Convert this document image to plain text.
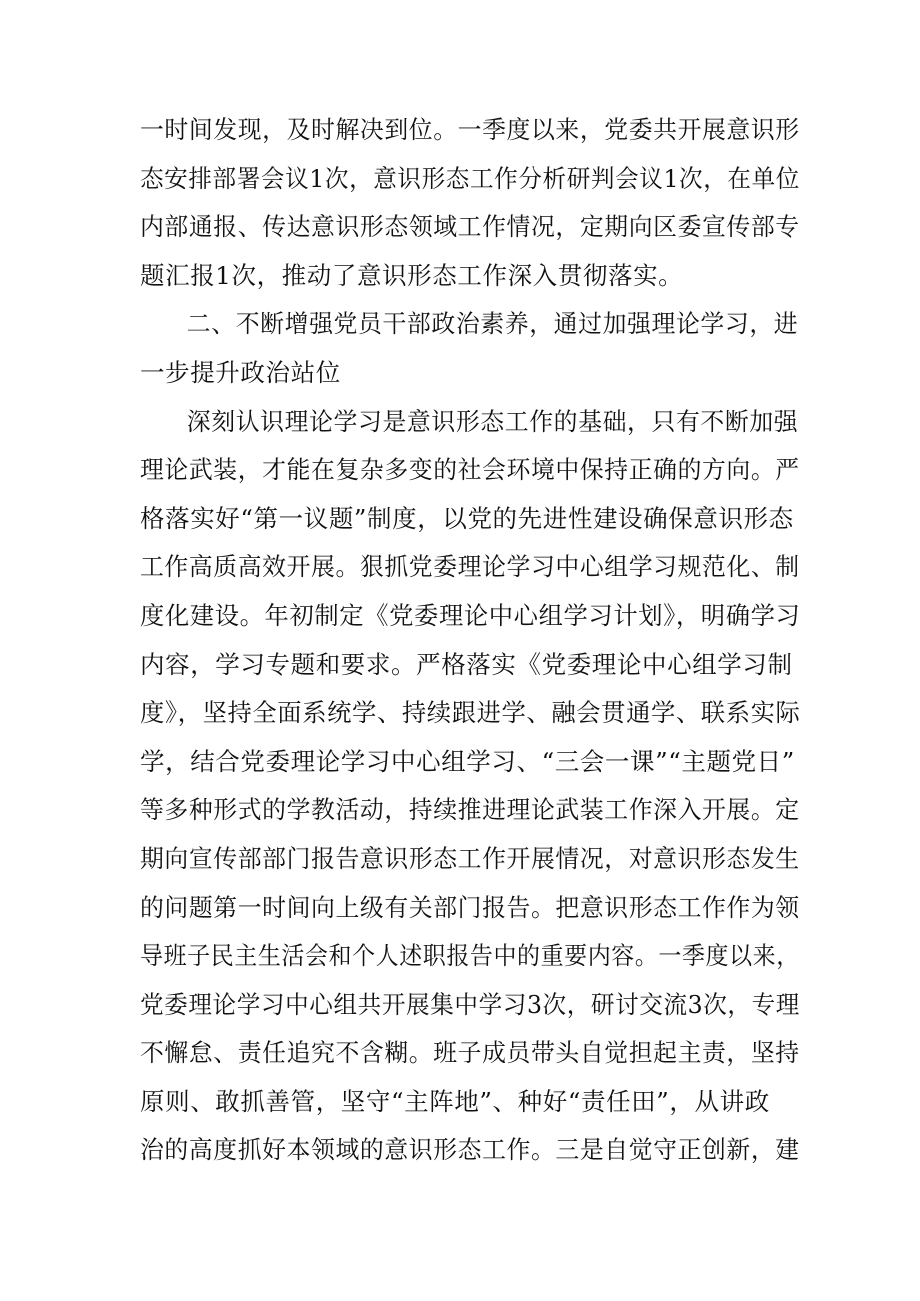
一时间发现，及时解决到位。一季度以来，党委共开展意识形
态安排部署会议1次，意识形态工作分析研判会议1次，在单位
内部通报、传达意识形态领域工作情况，定期向区委宣传部专
题汇报1次，推动了意识形态工作深入贯彻落实。
二、不断增强党员干部政治素养，通过加强理论学习，进
一步提升政治站位
深刻认识理论学习是意识形态工作的基础，只有不断加强
理论武装，才能在复杂多变的社会环境中保持正确的方向。严
格落实好“第一议题”制度，以党的先进性建设确保意识形态
工作高质高效开展。狠抓党委理论学习中心组学习规范化、制
度化建设。年初制定《党委理论中心组学习计划》，明确学习
内容，学习专题和要求。严格落实《党委理论中心组学习制
度》，坚持全面系统学、持续跟进学、融会贯通学、联系实际
学，结合党委理论学习中心组学习、“三会一课”“主题党日”
等多种形式的学教活动，持续推进理论武装工作深入开展。定
期向宣传部部门报告意识形态工作开展情况，对意识形态发生
的问题第一时间向上级有关部门报告。把意识形态工作作为领
导班子民主生活会和个人述职报告中的重要内容。一季度以来，
党委理论学习中心组共开展集中学习3次，研讨交流3次，专理
不懈怠、责任追究不含糊。班子成员带头自觉担起主责，坚持
原则、敢抓善管，坚守“主阵地”、种好“责任田”，从讲政
治的高度抓好本领域的意识形态工作。三是自觉守正创新，建
